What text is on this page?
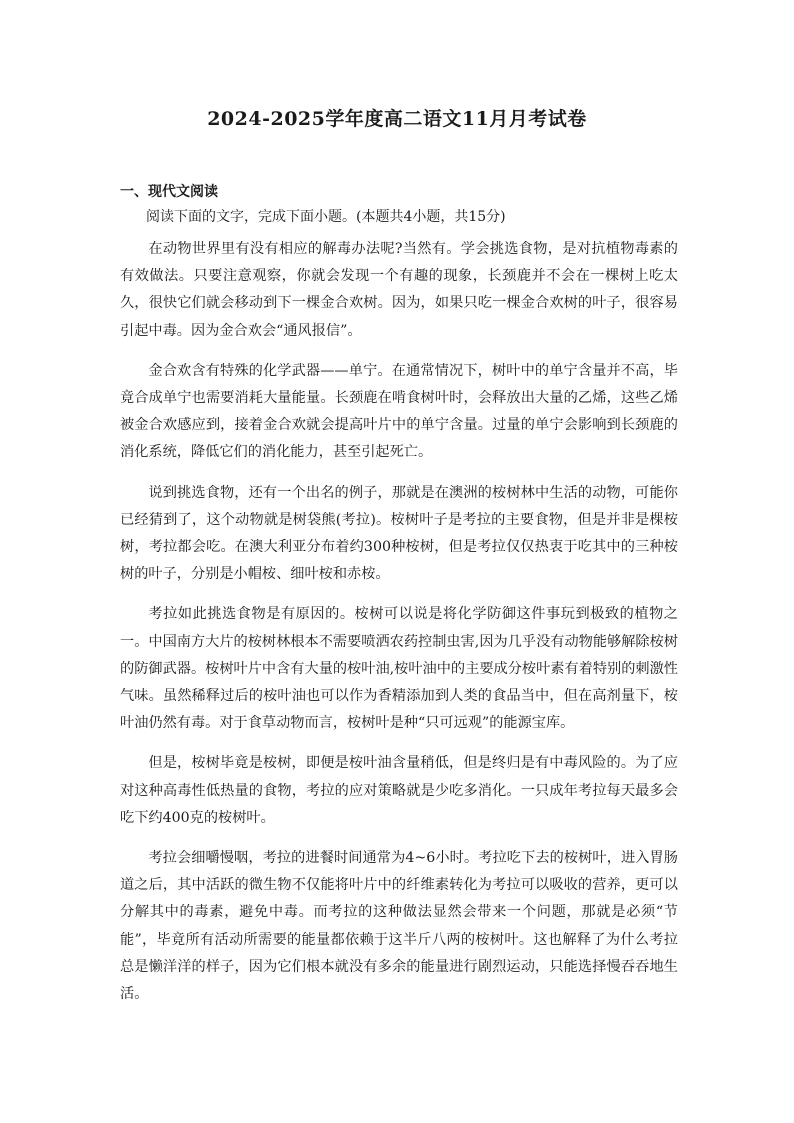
2024-2025学年度高二语文11月月考试卷
一、现代文阅读
阅读下面的文字，完成下面小题。(本题共4小题，共15分)

在动物世界里有没有相应的解毒办法呢?当然有。学会挑选食物，是对抗植物毒素的有效做法。只要注意观察，你就会发现一个有趣的现象，长颈鹿并不会在一棵树上吃太久，很快它们就会移动到下一棵金合欢树。因为，如果只吃一棵金合欢树的叶子，很容易引起中毒。因为金合欢会“通风报信”。

金合欢含有特殊的化学武器——单宁。在通常情况下，树叶中的单宁含量并不高，毕竟合成单宁也需要消耗大量能量。长颈鹿在啃食树叶时，会释放出大量的乙烯，这些乙烯被金合欢感应到，接着金合欢就会提高叶片中的单宁含量。过量的单宁会影响到长颈鹿的消化系统，降低它们的消化能力，甚至引起死亡。

说到挑选食物，还有一个出名的例子，那就是在澳洲的桉树林中生活的动物，可能你已经猜到了，这个动物就是树袋熊(考拉)。桉树叶子是考拉的主要食物，但是并非是棵桉树，考拉都会吃。在澳大利亚分布着约300种桉树，但是考拉仅仅热衷于吃其中的三种桉树的叶子，分别是小帽桉、细叶桉和赤桉。

考拉如此挑选食物是有原因的。桉树可以说是将化学防御这件事玩到极致的植物之一。中国南方大片的桉树林根本不需要喷洒农药控制虫害,因为几乎没有动物能够解除桉树的防御武器。桉树叶片中含有大量的桉叶油,桉叶油中的主要成分桉叶素有着特别的刺激性气味。虽然稀释过后的桉叶油也可以作为香精添加到人类的食品当中，但在高剂量下，桉叶油仍然有毒。对于食草动物而言，桉树叶是种“只可远观”的能源宝库。

但是，桉树毕竟是桉树，即便是桉叶油含量稍低，但是终归是有中毒风险的。为了应对这种高毒性低热量的食物，考拉的应对策略就是少吃多消化。一只成年考拉每天最多会吃下约400克的桉树叶。

考拉会细嚼慢咽，考拉的进餐时间通常为4~6小时。考拉吃下去的桉树叶，进入胃肠道之后，其中活跃的微生物不仅能将叶片中的纤维素转化为考拉可以吸收的营养，更可以分解其中的毒素，避免中毒。而考拉的这种做法显然会带来一个问题，那就是必须“节能”，毕竟所有活动所需要的能量都依赖于这半斤八两的桉树叶。这也解释了为什么考拉总是懒洋洋的样子，因为它们根本就没有多余的能量进行剧烈运动，只能选择慢吞吞地生活。
